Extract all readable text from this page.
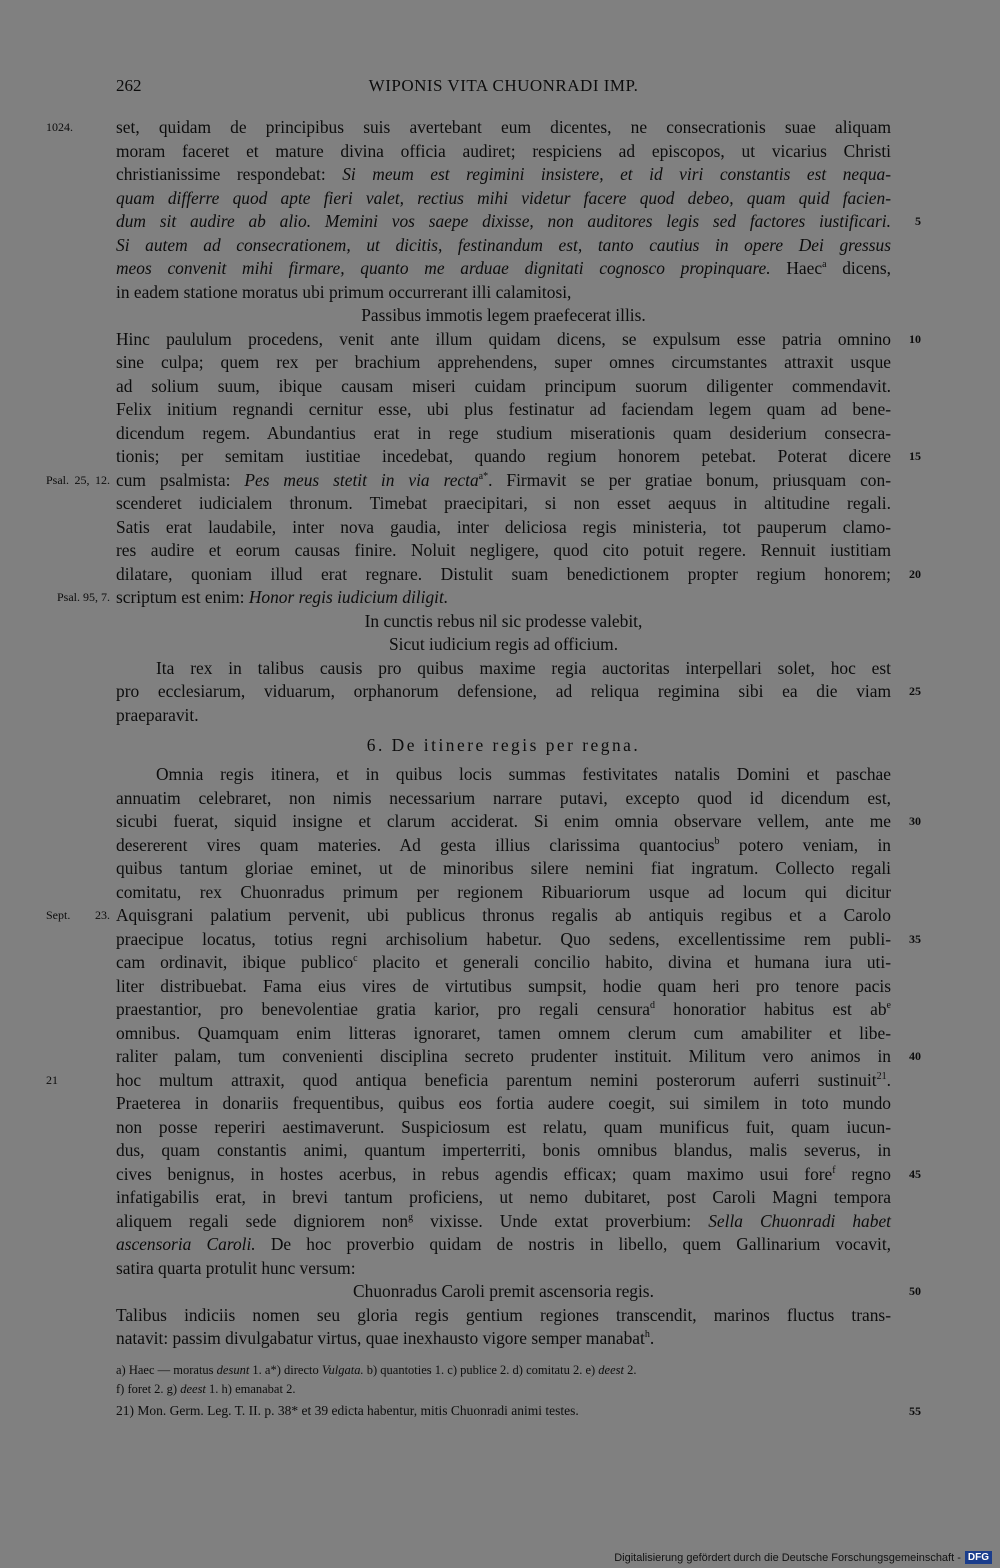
262	WIPONIS VITA CHUONRADI IMP.
set, quidam de principibus suis avertebant eum dicentes, ne consecrationis suae aliquam
1024.
moram faceret et mature divina officia audiret; respiciens ad episcopos, ut vicarius Christi
christianissime respondebat: Si meum est regimini insistere, et id viri constantis est nequa-
quam differre quod apte fieri valet, rectius mihi videtur facere quod debeo, quam quid facien-
dum sit audire ab alio. Memini vos saepe dixisse, non auditores legis sed factores iustificari. 5
Si autem ad consecrationem, ut dicitis, festinandum est, tanto cautius in opere Dei gressus
meos convenit mihi firmare, quanto me arduae dignitati cognosco propinquare. Haec$^a$ dicens,
in eadem statione moratus ubi primum occurrerant illi calamitosi,
Passibus immotis legem praefecerat illis.
Hinc paululum procedens, venit ante illum quidam dicens, se expulsum esse patria omnino 10
sine culpa; quem rex per brachium apprehendens, super omnes circumstantes attraxit usque
ad solium suum, ibique causam miseri cuidam principum suorum diligenter commendavit.
Felix initium regnandi cernitur esse, ubi plus festinatur ad faciendam legem quam ad bene-
dicendum regem. Abundantius erat in rege studium miserationis quam desiderium consecra-
tionis; per semitam iustitiae incedebat, quando regium honorem petebat. Poterat dicere 15
cum psalmista: Pes meus stetit in via recta$^{a*}$. Firmavit se per gratiae bonum, priusquam con-
Psal. 25, 12.
scenderet iudicialem thronum. Timebat praecipitari, si non esset aequus in altitudine regali.
Satis erat laudabile, inter nova gaudia, inter deliciosa regis ministeria, tot pauperum clamo-
res audire et eorum causas finire. Noluit negligere, quod cito potuit regere. Rennuit iustitiam
dilatare, quoniam illud erat regnare. Distulit suam benedictionem propter regium honorem; 20
scriptum est enim: Honor regis iudicium diligit.
Psal. 95, 7.
In cunctis rebus nil sic prodesse valebit,
Sicut iudicium regis ad officium.
Ita rex in talibus causis pro quibus maxime regia auctoritas interpellari solet, hoc est
pro ecclesiarum, viduarum, orphanorum defensione, ad reliqua regimina sibi ea die viam 25
praeparavit.
6. De itinere regis per regna.
Omnia regis itinera, et in quibus locis summas festivitates natalis Domini et paschae
annuatim celebraret, non nimis necessarium narrare putavi, excepto quod id dicendum est,
sicubi fuerat, siquid insigne et clarum acciderat. Si enim omnia observare vellem, ante me 30
desererent vires quam materies. Ad gesta illius clarissima quantocius$^b$ potero veniam, in
quibus tantum gloriae eminet, ut de minoribus silere nemini fiat ingratum. Collecto regali
comitatu, rex Chuonradus primum per regionem Ribuariorum usque ad locum qui dicitur
Aquisgrani palatium pervenit, ubi publicus thronus regalis ab antiquis regibus et a Carolo
Sept. 23.
praecipue locatus, totius regni archisolium habetur. Quo sedens, excellentissime rem publi- 35
cam ordinavit, ibique publico$^c$ placito et generali concilio habito, divina et humana iura uti-
liter distribuebat. Fama eius vires de virtutibus sumpsit, hodie quam heri pro tenore pacis
praestantior, pro benevolentiae gratia karior, pro regali censura$^d$ honoratior habitus est $ab^e$
omnibus. Quamquam enim litteras ignoraret, tamen omnem clerum cum amabiliter et libe-
raliter palam, tum convenienti disciplina secreto prudenter instituit. Militum vero animos in 40
hoc multum attraxit, quod antiqua beneficia parentum nemini posterorum auferri sustinuit$^{21}$.
21
Praeterea in donariis frequentibus, quibus eos fortia audere coegit, sui similem in toto mundo
non posse reperiri aestimaverunt. Suspiciosum est relatu, quam munificus fuit, quam iucun-
dus, quam constantis animi, quantum imperterriti, bonis omnibus blandus, malis severus, in
cives benignus, in hostes acerbus, in rebus agendis efficax; quam maximo usui fore$^f$ regno 45
infatigabilis erat, in brevi tantum proficiens, ut nemo dubitaret, post Caroli Magni tempora
aliquem regali sede digniorem non$^g$ vixisse. Unde extat proverbium: Sella Chuonradi habet
ascensoria Caroli. De hoc proverbio quidam de nostris in libello, quem Gallinarium vocavit,
satira quarta protulit hunc versum:
Chuonradus Caroli premit ascensoria regis.	50
Talibus indiciis nomen seu gloria regis gentium regiones transcendit, marinos fluctus trans-
natavit: passim divulgabatur virtus, quae inexhausto vigore semper manabat$^h$.
a) Haec — moratus desunt 1. a*) directo Vulgata. b) quantoties 1. c) publice 2. d) comitatu 2. e) deest 2.
f) foret 2. g) deest 1. h) emanabat 2.
21) Mon. Germ. Leg. T. II. p. 38* et 39 edicta habentur, mitis Chuonradi animi testes.	55
Digitalisierung gefördert durch die Deutsche Forschungsgemeinschaft - DFG
